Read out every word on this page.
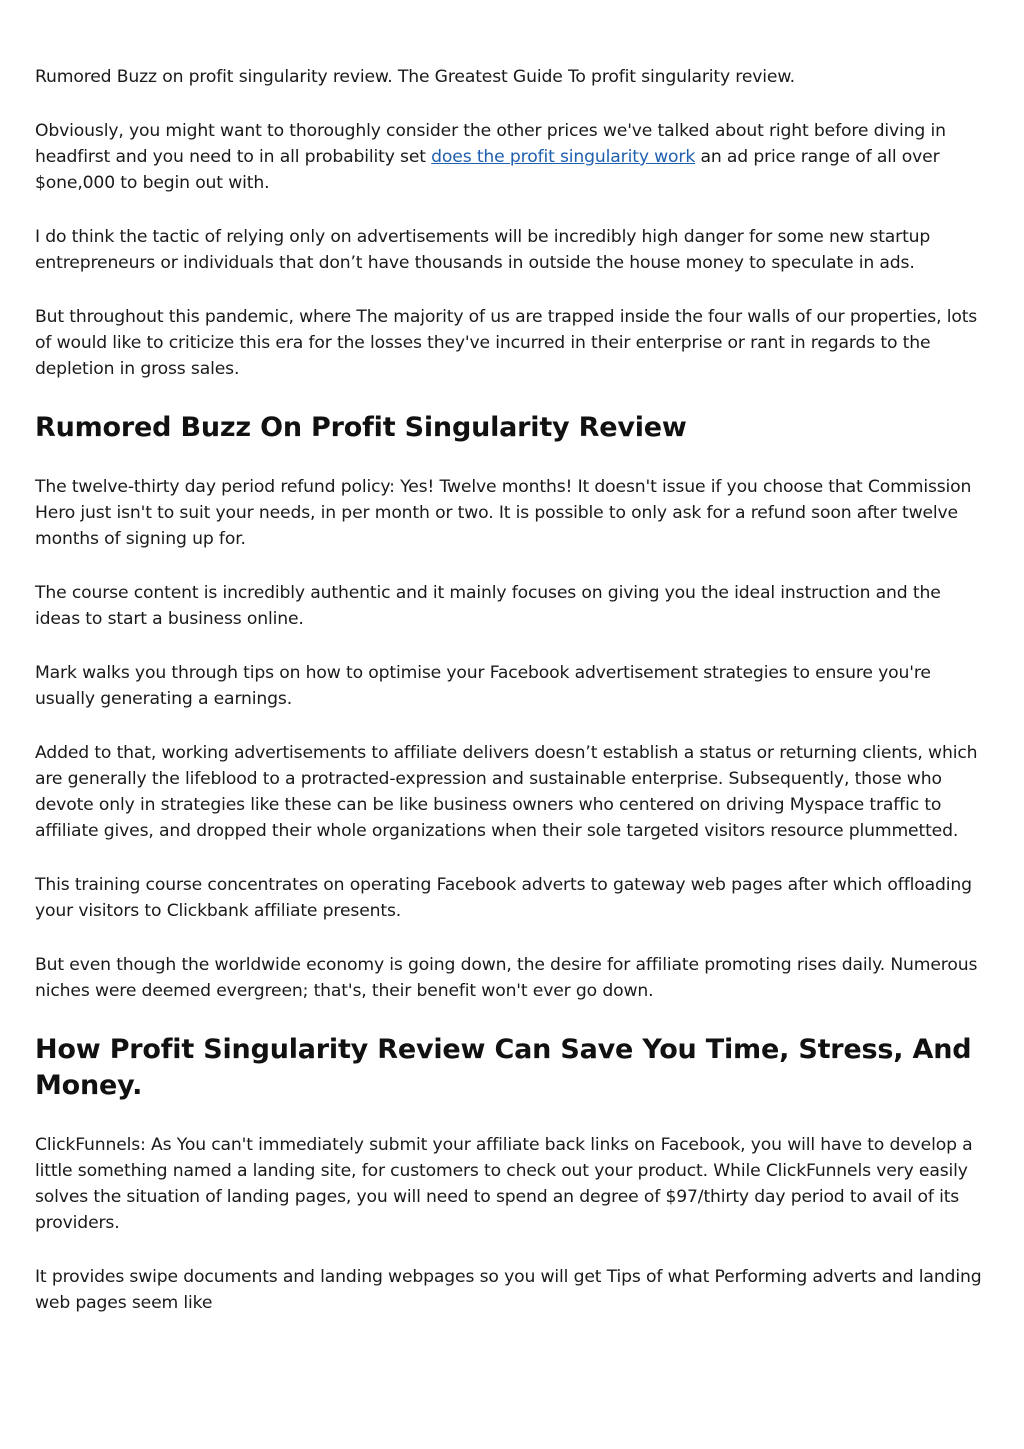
Rumored Buzz on profit singularity review. The Greatest Guide To profit singularity review.

Obviously, you might want to thoroughly consider the other prices we've talked about right before diving in headfirst and you need to in all probability set does the profit singularity work an ad price range of all over $one,000 to begin out with.

I do think the tactic of relying only on advertisements will be incredibly high danger for some new startup entrepreneurs or individuals that don’t have thousands in outside the house money to speculate in ads.

But throughout this pandemic, where The majority of us are trapped inside the four walls of our properties, lots of would like to criticize this era for the losses they've incurred in their enterprise or rant in regards to the depletion in gross sales.

Rumored Buzz On Profit Singularity Review

The twelve-thirty day period refund policy: Yes! Twelve months! It doesn't issue if you choose that Commission Hero just isn't to suit your needs, in per month or two. It is possible to only ask for a refund soon after twelve months of signing up for.

The course content is incredibly authentic and it mainly focuses on giving you the ideal instruction and the ideas to start a business online.

Mark walks you through tips on how to optimise your Facebook advertisement strategies to ensure you're usually generating a earnings.

Added to that, working advertisements to affiliate delivers doesn’t establish a status or returning clients, which are generally the lifeblood to a protracted-expression and sustainable enterprise. Subsequently, those who devote only in strategies like these can be like business owners who centered on driving Myspace traffic to affiliate gives, and dropped their whole organizations when their sole targeted visitors resource plummetted.

This training course concentrates on operating Facebook adverts to gateway web pages after which offloading your visitors to Clickbank affiliate presents.

But even though the worldwide economy is going down, the desire for affiliate promoting rises daily. Numerous niches were deemed evergreen; that's, their benefit won't ever go down.

How Profit Singularity Review Can Save You Time, Stress, And Money.

ClickFunnels: As You can't immediately submit your affiliate back links on Facebook, you will have to develop a little something named a landing site, for customers to check out your product. While ClickFunnels very easily solves the situation of landing pages, you will need to spend an degree of $97/thirty day period to avail of its providers.

It provides swipe documents and landing webpages so you will get Tips of what Performing adverts and landing web pages seem like
